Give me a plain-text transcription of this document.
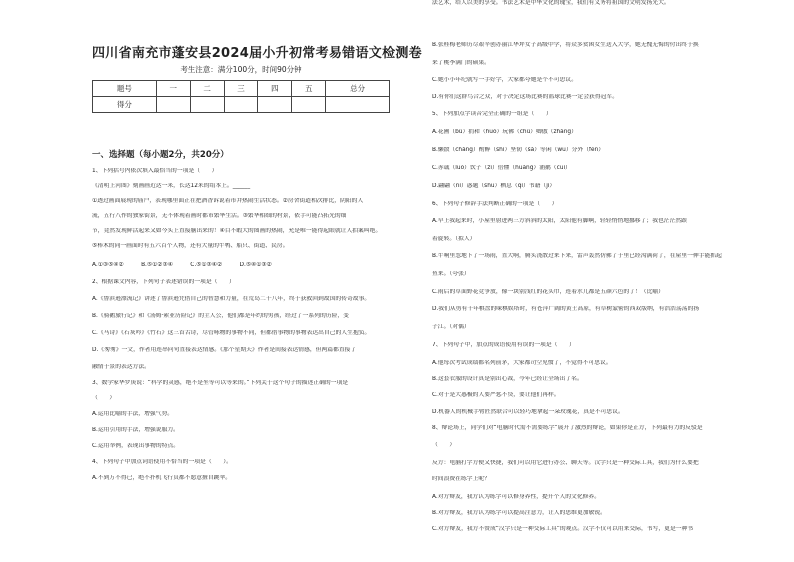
四川省南充市蓬安县2024届小升初常考易错语文检测卷
考生注意：满分100分，时间90分钟
题号	一	二	三	四	五	总分
得分						
一、选择题（每小题2分，共20分）
1、下列括号内依次填入最恰当的一项是（　　）
《清明上河图》刻画画近达一米，长达12米的绢本上。______
①透过画面展现的庙户，表现哪里面正在把酒香诉说着市井热闹生活状态。②房舍街道相次排比，阴阳的人
流，五行八作的独家街景，无不体现着画时都市繁华生活。③繁华相细的村景，依手可能凸拓光的细
节，竟然发现鲜活起来又如今头上直接脑出来的！④目不暇大的图画的热闹，允是唯一能得起眼就让人拍案叫绝。
⑤棒木的同一画面时有五六百个人物，还有大量的牛鸭、船只、街道、民房。
A.①③⑤④②　　　B.⑤①②③④　　　C.⑤①③④②　　　D.⑤④①③②
2、根据课文内容，下列句子表述错误的一项是（　　）
A.《鲁滨逊漂流记》讲述了鲁滨逊凭借自己的智慧和力量，在荒岛二十八年，终于获救回到故国的传奇故事。
B.《骑鹅旅行记》和《汤姆·索亚历险记》的主人公，他们都是年约的男孩，经过了一系列的历险，变
C.《马诗》《石灰吟》《竹石》这三首古诗，尽管咏物的事物不同，但都借事物的事物表达出自己的人生抱负。
D.《匆匆》一文，作者用连串问句直接表达情感。《那个星期天》作者是间接表达情感，但两篇都直接了
融情于景的表达方法。
3、数学家华罗庚说：“科学的灵感，绝不是坐等可以等来的。”下列关于这个句子的描述正确的一项是
（　　）
A.运用比喻的手法，增强气势。
B.运用引用的手法，增强说服力。
C.运用举例，表现出事物的特点。
4、下列句子中加点词语使用不恰当的一项是（　　）。
A.不到万不得已，绝不扑机飞行员都不愿意擅自跳伞。
B.张桂梅老师历尽艰辛创办丽江华坪女子高级中学，将众多贫困女生送入大学，她无愧无悔的付出终于换
来了桃李满门的硕果。
C.她小小年纪就写一手好字，大家都夸她是个不可思议。
D.有你们这群鸟合之众，对于决定这场比赛的篮球比赛一定会获得冠军。
5、下列加点字读音完全正确的一组是（　　）
A.花圃（bǔ）捐和（huò）玩佛（chǔ）卿傲（zhàng）
B.懒散（chǎng）酌醉（shì）坚韧（sà）等闲（wū）分外（fèn）
C.赤诚（luò）饮子（zí）倍懂（huàng）浦鹅（cuì）
D.翩翩（nì）惑题（shū）栖息（qì）书籍（jí）
6、下列句子修辞手法判断正确的一项是（　　）
A.早上我起来时，小屋里射进两三方斜斜的太阳，太阳他有脚啊，轻轻悄悄地挪移了；我也茫茫然跟
着旋转。（拟人）
B.牛响里忽地下了一场雨，直大响，腾头浇散过来下来，雷声轰然仿佛了于里已经沟满荷了，在屋里一伸手能抓起
鱼来。（夸张）
C.雨后的草面野花竞争放，像一块别浅红的花头巾，连着水儿都是五颜六色的了！（比喻）
D.我们从剪有千年棋盘的味棋娱塔时，有苍萍广阔的黄土高原，有草树蒙密的西双版纳，有浩浩荡荡的扬
子江。（对偶）
7、下列句子中，加点的成语使用有误的一项是（　　）
A.他每次考试成绩都名列前茅，大家都司空见惯了，不觉得不可思议。
B.这套衣服的设计真是别出心裁，今年已经让全场出了名。
C.对于是大惑极的人要严惩不贷，要让他们再样。
D.机器人的机械手臂匠然联合可以轻巧地拿起一朵玫瑰花，真是不可思议。
8、辩论场上，同学们对“电脑时代需不需要练字”展开了激烈的辩论，如果你是正方，下列最有力的反驳是
（　　）
反方：电脑打字方便又快捷，我们可以用它进行办公、聊天等。汉字只是一种交际工具，我们为什么要把
时间浪费在练字上呢？
A.对方辩友，我方认为练字可以修身养性，提升个人的文化修养。
B.对方辩友，我方认为练字可以提高注意力，让人的思维更加敏锐。
C.对方辩友，我方不赞成“汉字只是一种交际工具”的观点。汉字不仅可以用来交际，书写，更是一种书
法艺术，给人以美的享受。书法艺术是中华文化的瑰宝，我们有义务将祖国的文明发扬光大。
